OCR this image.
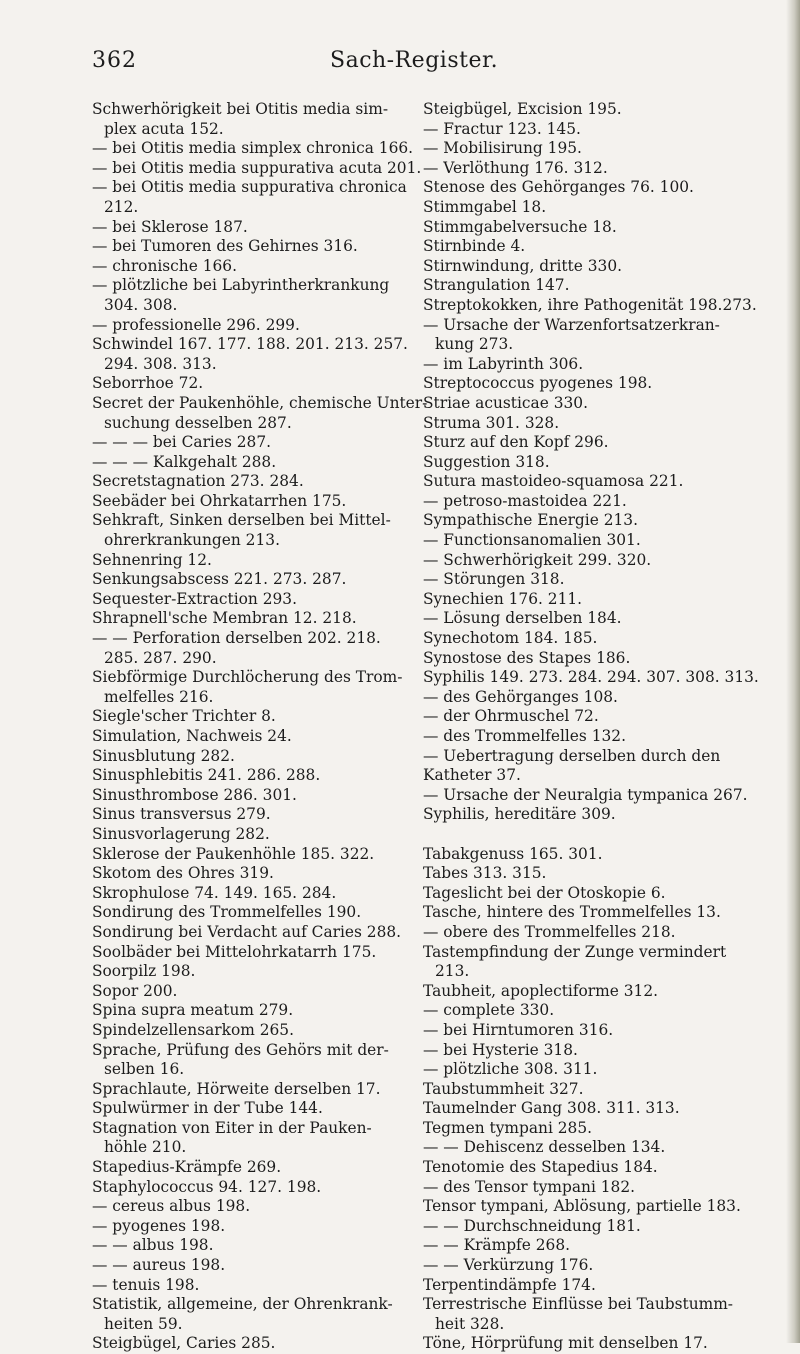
362	Sach-Register.
Schwerhörigkeit bei Otitis media sim-
plex acuta 152.
— bei Otitis media simplex chronica 166.
— bei Otitis media suppurativa acuta 201.
— bei Otitis media suppurativa chronica
212.
— bei Sklerose 187.
— bei Tumoren des Gehirnes 316.
— chronische 166.
— plötzliche bei Labyrintherkrankung
304. 308.
— professionelle 296. 299.
Schwindel 167. 177. 188. 201. 213. 257.
294. 308. 313.
Seborrhoe 72.
Secret der Paukenhöhle, chemische Unter-
suchung desselben 287.
— — — bei Caries 287.
— — — Kalkgehalt 288.
Secretstagnation 273. 284.
Seebäder bei Ohrkatarrhen 175.
Sehkraft, Sinken derselben bei Mittel-
ohrerkrankungen 213.
Sehnenring 12.
Senkungsabscess 221. 273. 287.
Sequester-Extraction 293.
Shrapnell'sche Membran 12. 218.
— — Perforation derselben 202. 218.
285. 287. 290.
Siebförmige Durchlöcherung des Trom-
melfelles 216.
Siegle'scher Trichter 8.
Simulation, Nachweis 24.
Sinusblutung 282.
Sinusphlebitis 241. 286. 288.
Sinusthrombose 286. 301.
Sinus transversus 279.
Sinusvorlagerung 282.
Sklerose der Paukenhöhle 185. 322.
Skotom des Ohres 319.
Skrophulose 74. 149. 165. 284.
Sondirung des Trommelfelles 190.
Sondirung bei Verdacht auf Caries 288.
Soolbäder bei Mittelohrkatarrh 175.
Soorpilz 198.
Sopor 200.
Spina supra meatum 279.
Spindelzellensarkom 265.
Sprache, Prüfung des Gehörs mit der-
selben 16.
Sprachlaute, Hörweite derselben 17.
Spulwürmer in der Tube 144.
Stagnation von Eiter in der Pauken-
höhle 210.
Stapedius-Krämpfe 269.
Staphylococcus 94. 127. 198.
— cereus albus 198.
— pyogenes 198.
— — albus 198.
— — aureus 198.
— tenuis 198.
Statistik, allgemeine, der Ohrenkrank-
heiten 59.
Steigbügel, Caries 285.
Steigbügel, Excision 195.
— Fractur 123. 145.
— Mobilisirung 195.
— Verlöthung 176. 312.
Stenose des Gehörganges 76. 100.
Stimmgabel 18.
Stimmgabelversuche 18.
Stirnbinde 4.
Stirnwindung, dritte 330.
Strangulation 147.
Streptokokken, ihre Pathogenität 198.273.
— Ursache der Warzenfortsatzerkran-
kung 273.
— im Labyrinth 306.
Streptococcus pyogenes 198.
Striae acusticae 330.
Struma 301. 328.
Sturz auf den Kopf 296.
Suggestion 318.
Sutura mastoideo-squamosa 221.
— petroso-mastoidea 221.
Sympathische Energie 213.
— Functionsanomalien 301.
— Schwerhörigkeit 299. 320.
— Störungen 318.
Synechien 176. 211.
— Lösung derselben 184.
Synechotom 184. 185.
Synostose des Stapes 186.
Syphilis 149. 273. 284. 294. 307. 308. 313.
— des Gehörganges 108.
— der Ohrmuschel 72.
— des Trommelfelles 132.
— Uebertragung derselben durch den
Katheter 37.
— Ursache der Neuralgia tympanica 267.
Syphilis, hereditäre 309.
Tabakgenuss 165. 301.
Tabes 313. 315.
Tageslicht bei der Otoskopie 6.
Tasche, hintere des Trommelfelles 13.
— obere des Trommelfelles 218.
Tastempfindung der Zunge vermindert
213.
Taubheit, apoplectiforme 312.
— complete 330.
— bei Hirntumoren 316.
— bei Hysterie 318.
— plötzliche 308. 311.
Taubstummheit 327.
Taumelnder Gang 308. 311. 313.
Tegmen tympani 285.
— — Dehiscenz desselben 134.
Tenotomie des Stapedius 184.
— des Tensor tympani 182.
Tensor tympani, Ablösung, partielle 183.
— — Durchschneidung 181.
— — Krämpfe 268.
— — Verkürzung 176.
Terpentindämpfe 174.
Terrestrische Einflüsse bei Taubstumm-
heit 328.
Töne, Hörprüfung mit denselben 17.
